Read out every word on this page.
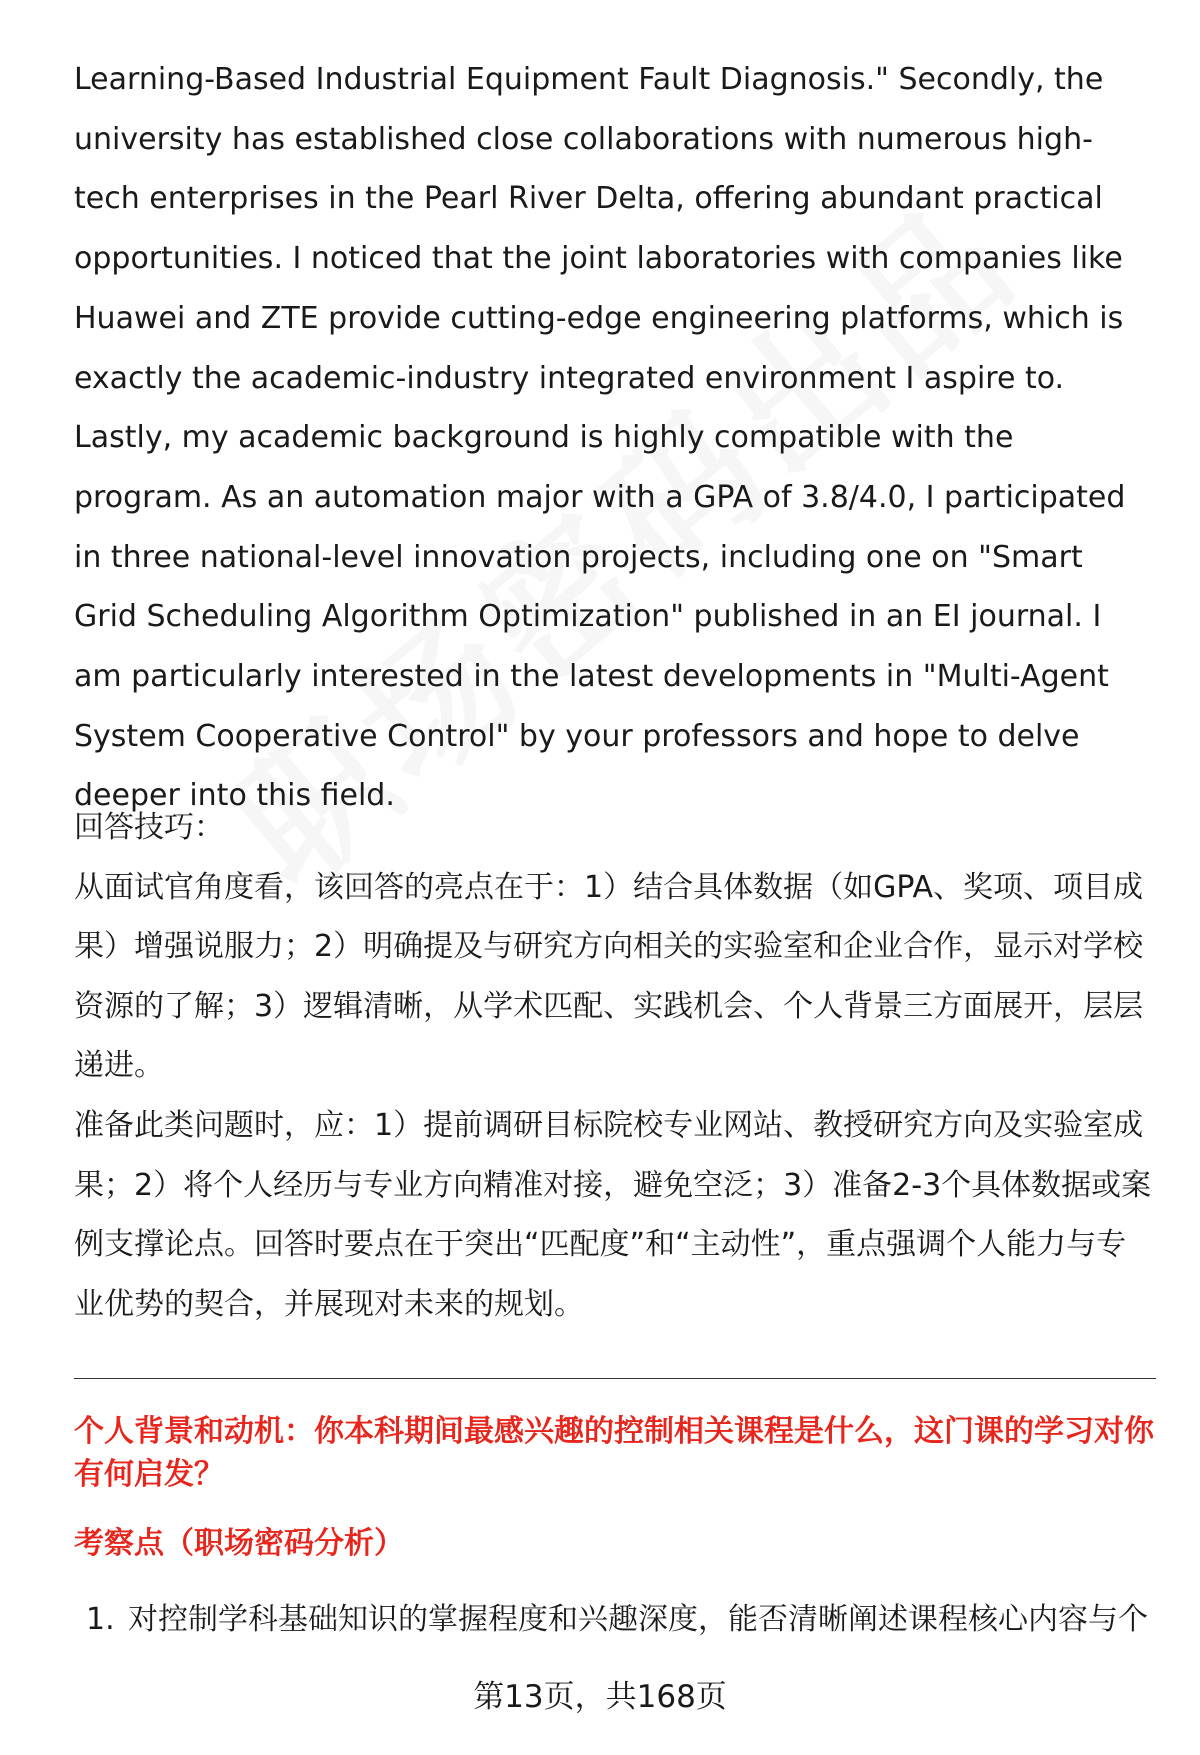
Learning-Based Industrial Equipment Fault Diagnosis." Secondly, the university has established close collaborations with numerous high-tech enterprises in the Pearl River Delta, offering abundant practical opportunities. I noticed that the joint laboratories with companies like Huawei and ZTE provide cutting-edge engineering platforms, which is exactly the academic-industry integrated environment I aspire to. Lastly, my academic background is highly compatible with the program. As an automation major with a GPA of 3.8/4.0, I participated in three national-level innovation projects, including one on "Smart Grid Scheduling Algorithm Optimization" published in an EI journal. I am particularly interested in the latest developments in "Multi-Agent System Cooperative Control" by your professors and hope to delve deeper into this field.

回答技巧：

从面试官角度看，该回答的亮点在于：1）结合具体数据（如GPA、奖项、项目成果）增强说服力；2）明确提及与研究方向相关的实验室和企业合作，显示对学校资源的了解；3）逻辑清晰，从学术匹配、实践机会、个人背景三方面展开，层层递进。

准备此类问题时，应：1）提前调研目标院校专业网站、教授研究方向及实验室成果；2）将个人经历与专业方向精准对接，避免空泛；3）准备2-3个具体数据或案例支撑论点。回答时要点在于突出“匹配度”和“主动性”，重点强调个人能力与专业优势的契合，并展现对未来的规划。

个人背景和动机：你本科期间最感兴趣的控制相关课程是什么，这门课的学习对你有何启发？
考察点（职场密码分析）
1. 对控制学科基础知识的掌握程度和兴趣深度，能否清晰阐述课程核心内容与个
第13页，共168页
